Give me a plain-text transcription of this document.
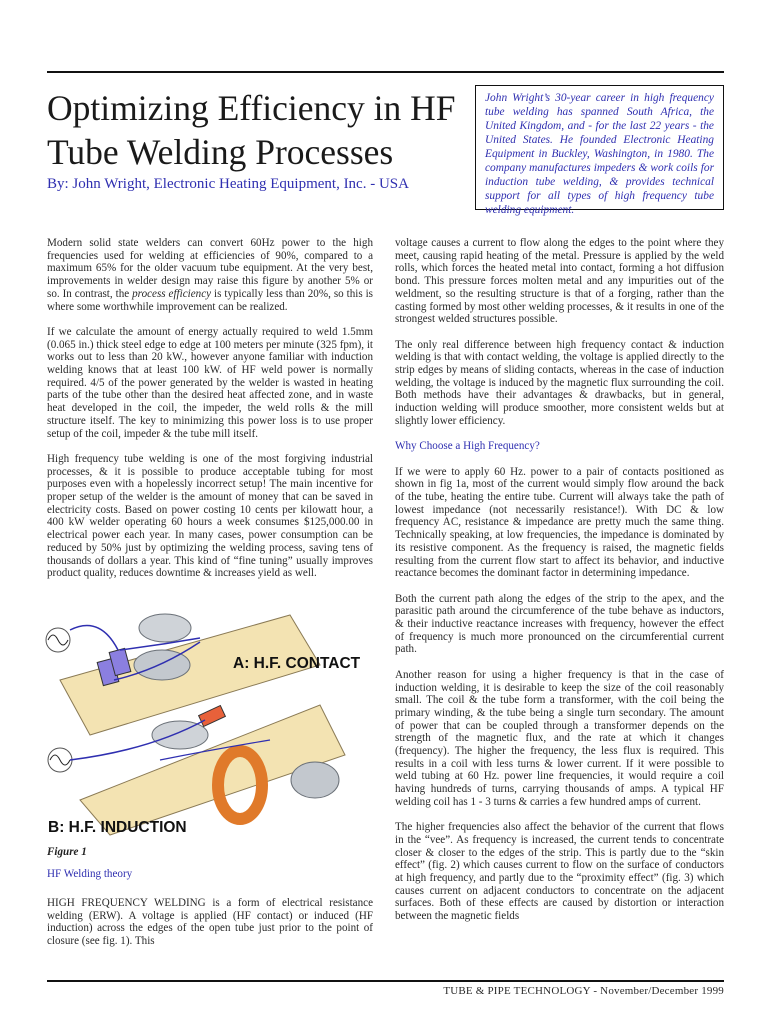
Optimizing Efficiency in HF Tube Welding Processes
By: John Wright, Electronic Heating Equipment, Inc. - USA
John Wright’s 30-year career in high frequency tube welding has spanned South Africa, the United Kingdom, and - for the last 22 years - the United States. He founded Electronic Heating Equipment in Buckley, Washington, in 1980. The company manufactures impeders & work coils for induction tube welding, & provides technical support for all types of high frequency tube welding equipment.

Modern solid state welders can convert 60Hz power to the high frequencies used for welding at efficiencies of 90%, compared to a maximum 65% for the older vacuum tube equipment. At the very best, improvements in welder design may raise this figure by another 5% or so. In contrast, the process efficiency is typically less than 20%, so this is where some worthwhile improvement can be realized.

If we calculate the amount of energy actually required to weld 1.5mm (0.065 in.) thick steel edge to edge at 100 meters per minute (325 fpm), it works out to less than 20 kW., however anyone familiar with induction welding knows that at least 100 kW. of HF weld power is normally required. 4/5 of the power generated by the welder is wasted in heating parts of the tube other than the desired heat affected zone, and in waste heat developed in the coil, the impeder, the weld rolls & the mill structure itself. The key to minimizing this power loss is to use proper setup of the coil, impeder & the tube mill itself.

High frequency tube welding is one of the most forgiving industrial processes, & it is possible to produce acceptable tubing for most purposes even with a hopelessly incorrect setup! The main incentive for proper setup of the welder is the amount of money that can be saved in electricity costs. Based on power costing 10 cents per kilowatt hour, a 400 kW welder operating 60 hours a week consumes $125,000.00 in electrical power each year. In many cases, power consumption can be reduced by 50% just by optimizing the welding process, saving tens of thousands of dollars a year. This kind of “fine tuning” usually improves product quality, reduces downtime & increases yield as well.

A: H.F. CONTACT
B: H.F. INDUCTION
Figure 1
HF Welding theory

HIGH FREQUENCY WELDING is a form of electrical resistance welding (ERW). A voltage is applied (HF contact) or induced (HF induction) across the edges of the open tube just prior to the point of closure (see fig. 1). This

voltage causes a current to flow along the edges to the point where they meet, causing rapid heating of the metal. Pressure is applied by the weld rolls, which forces the heated metal into contact, forming a hot diffusion bond. This pressure forces molten metal and any impurities out of the weldment, so the resulting structure is that of a forging, rather than the casting formed by most other welding processes, & it results in one of the strongest welded structures possible.

The only real difference between high frequency contact & induction welding is that with contact welding, the voltage is applied directly to the strip edges by means of sliding contacts, whereas in the case of induction welding, the voltage is induced by the magnetic flux surrounding the coil. Both methods have their advantages & drawbacks, but in general, induction welding will produce smoother, more consistent welds but at slightly lower efficiency.

Why Choose a High Frequency?

If we were to apply 60 Hz. power to a pair of contacts positioned as shown in fig 1a, most of the current would simply flow around the back of the tube, heating the entire tube. Current will always take the path of lowest impedance (not necessarily resistance!). With DC & low frequency AC, resistance & impedance are pretty much the same thing. Technically speaking, at low frequencies, the impedance is dominated by its resistive component. As the frequency is raised, the magnetic fields resulting from the current flow start to affect its behavior, and inductive reactance becomes the dominant factor in determining impedance.

Both the current path along the edges of the strip to the apex, and the parasitic path around the circumference of the tube behave as inductors, & their inductive reactance increases with frequency, however the effect of frequency is much more pronounced on the circumferential current path.

Another reason for using a higher frequency is that in the case of induction welding, it is desirable to keep the size of the coil reasonably small. The coil & the tube form a transformer, with the coil being the primary winding, & the tube being a single turn secondary. The amount of power that can be coupled through a transformer depends on the strength of the magnetic flux, and the rate at which it changes (frequency). The higher the frequency, the less flux is required. This results in a coil with less turns & lower current. If it were possible to weld tubing at 60 Hz. power line frequencies, it would require a coil having hundreds of turns, carrying thousands of amps. A typical HF welding coil has 1 - 3 turns & carries a few hundred amps of current.

The higher frequencies also affect the behavior of the current that flows in the “vee”. As frequency is increased, the current tends to concentrate closer & closer to the edges of the strip. This is partly due to the “skin effect” (fig. 2) which causes current to flow on the surface of conductors at high frequency, and partly due to the “proximity effect” (fig. 3) which causes current on adjacent conductors to concentrate on the adjacent surfaces. Both of these effects are caused by distortion or interaction between the magnetic fields

TUBE & PIPE TECHNOLOGY - November/December 1999
